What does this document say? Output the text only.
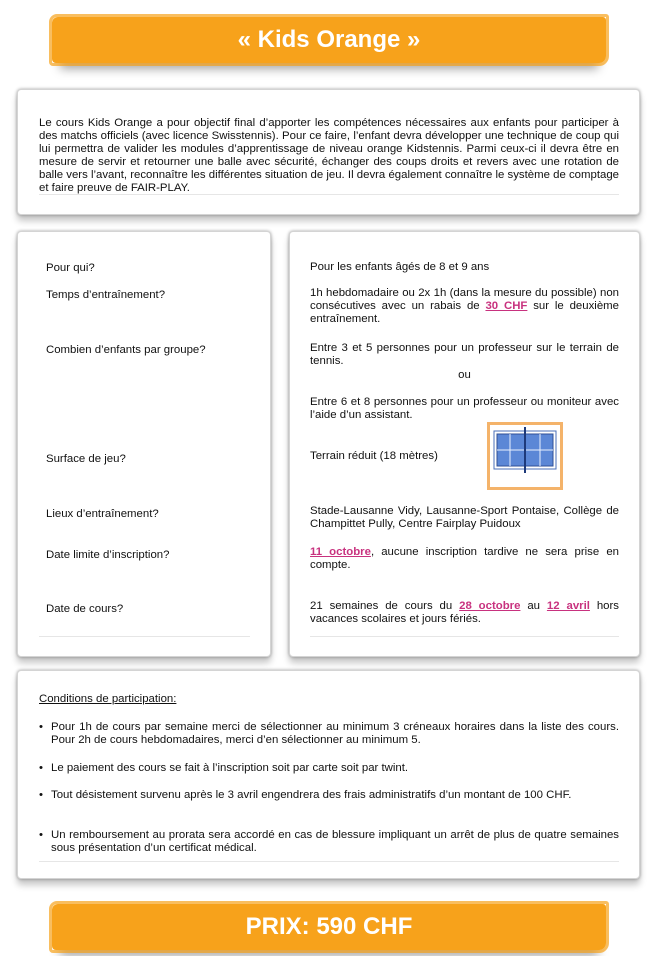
« Kids Orange »
Le cours Kids Orange a pour objectif final d’apporter les compétences nécessaires aux enfants pour participer à des matchs officiels (avec licence Swisstennis). Pour ce faire, l’enfant devra développer une technique de coup qui lui permettra de valider les modules d’apprentissage de niveau orange Kidstennis. Parmi ceux-ci il devra être en mesure de servir et retourner une balle avec sécurité, échanger des coups droits et revers avec une rotation de balle vers l’avant, reconnaître les différentes situation de jeu. Il devra également connaître le système de comptage et faire preuve de FAIR-PLAY.
Pour qui?
Temps d’entraînement?
Combien d’enfants par groupe?
Surface de jeu?
Lieux d’entraînement?
Date limite d’inscription?
Date de cours?
Pour les enfants âgés de 8 et 9 ans
1h hebdomadaire ou 2x 1h (dans la mesure du possible) non consécutives avec un rabais de 30 CHF sur le deuxième entraînement.
Entre 3 et 5 personnes pour un professeur sur le terrain de tennis.
ou
Entre 6 et 8 personnes pour un professeur ou moniteur avec l’aide d’un assistant.
Terrain réduit (18 mètres)
Stade-Lausanne Vidy, Lausanne-Sport Pontaise, Collège de Champittet Pully, Centre Fairplay Puidoux
11 octobre, aucune inscription tardive ne sera prise en compte.
21 semaines de cours du 28 octobre au 12 avril hors vacances scolaires et jours fériés.
Conditions de participation:
• Pour 1h de cours par semaine merci de sélectionner au minimum 3 créneaux horaires dans la liste des cours. Pour 2h de cours hebdomadaires, merci d’en sélectionner au minimum 5.
• Le paiement des cours se fait à l’inscription soit par carte soit par twint.
• Tout désistement survenu après le 3 avril engendrera des frais administratifs d’un montant de 100 CHF.
• Un remboursement au prorata sera accordé en cas de blessure impliquant un arrêt de plus de quatre semaines sous présentation d’un certificat médical.
PRIX: 590 CHF
